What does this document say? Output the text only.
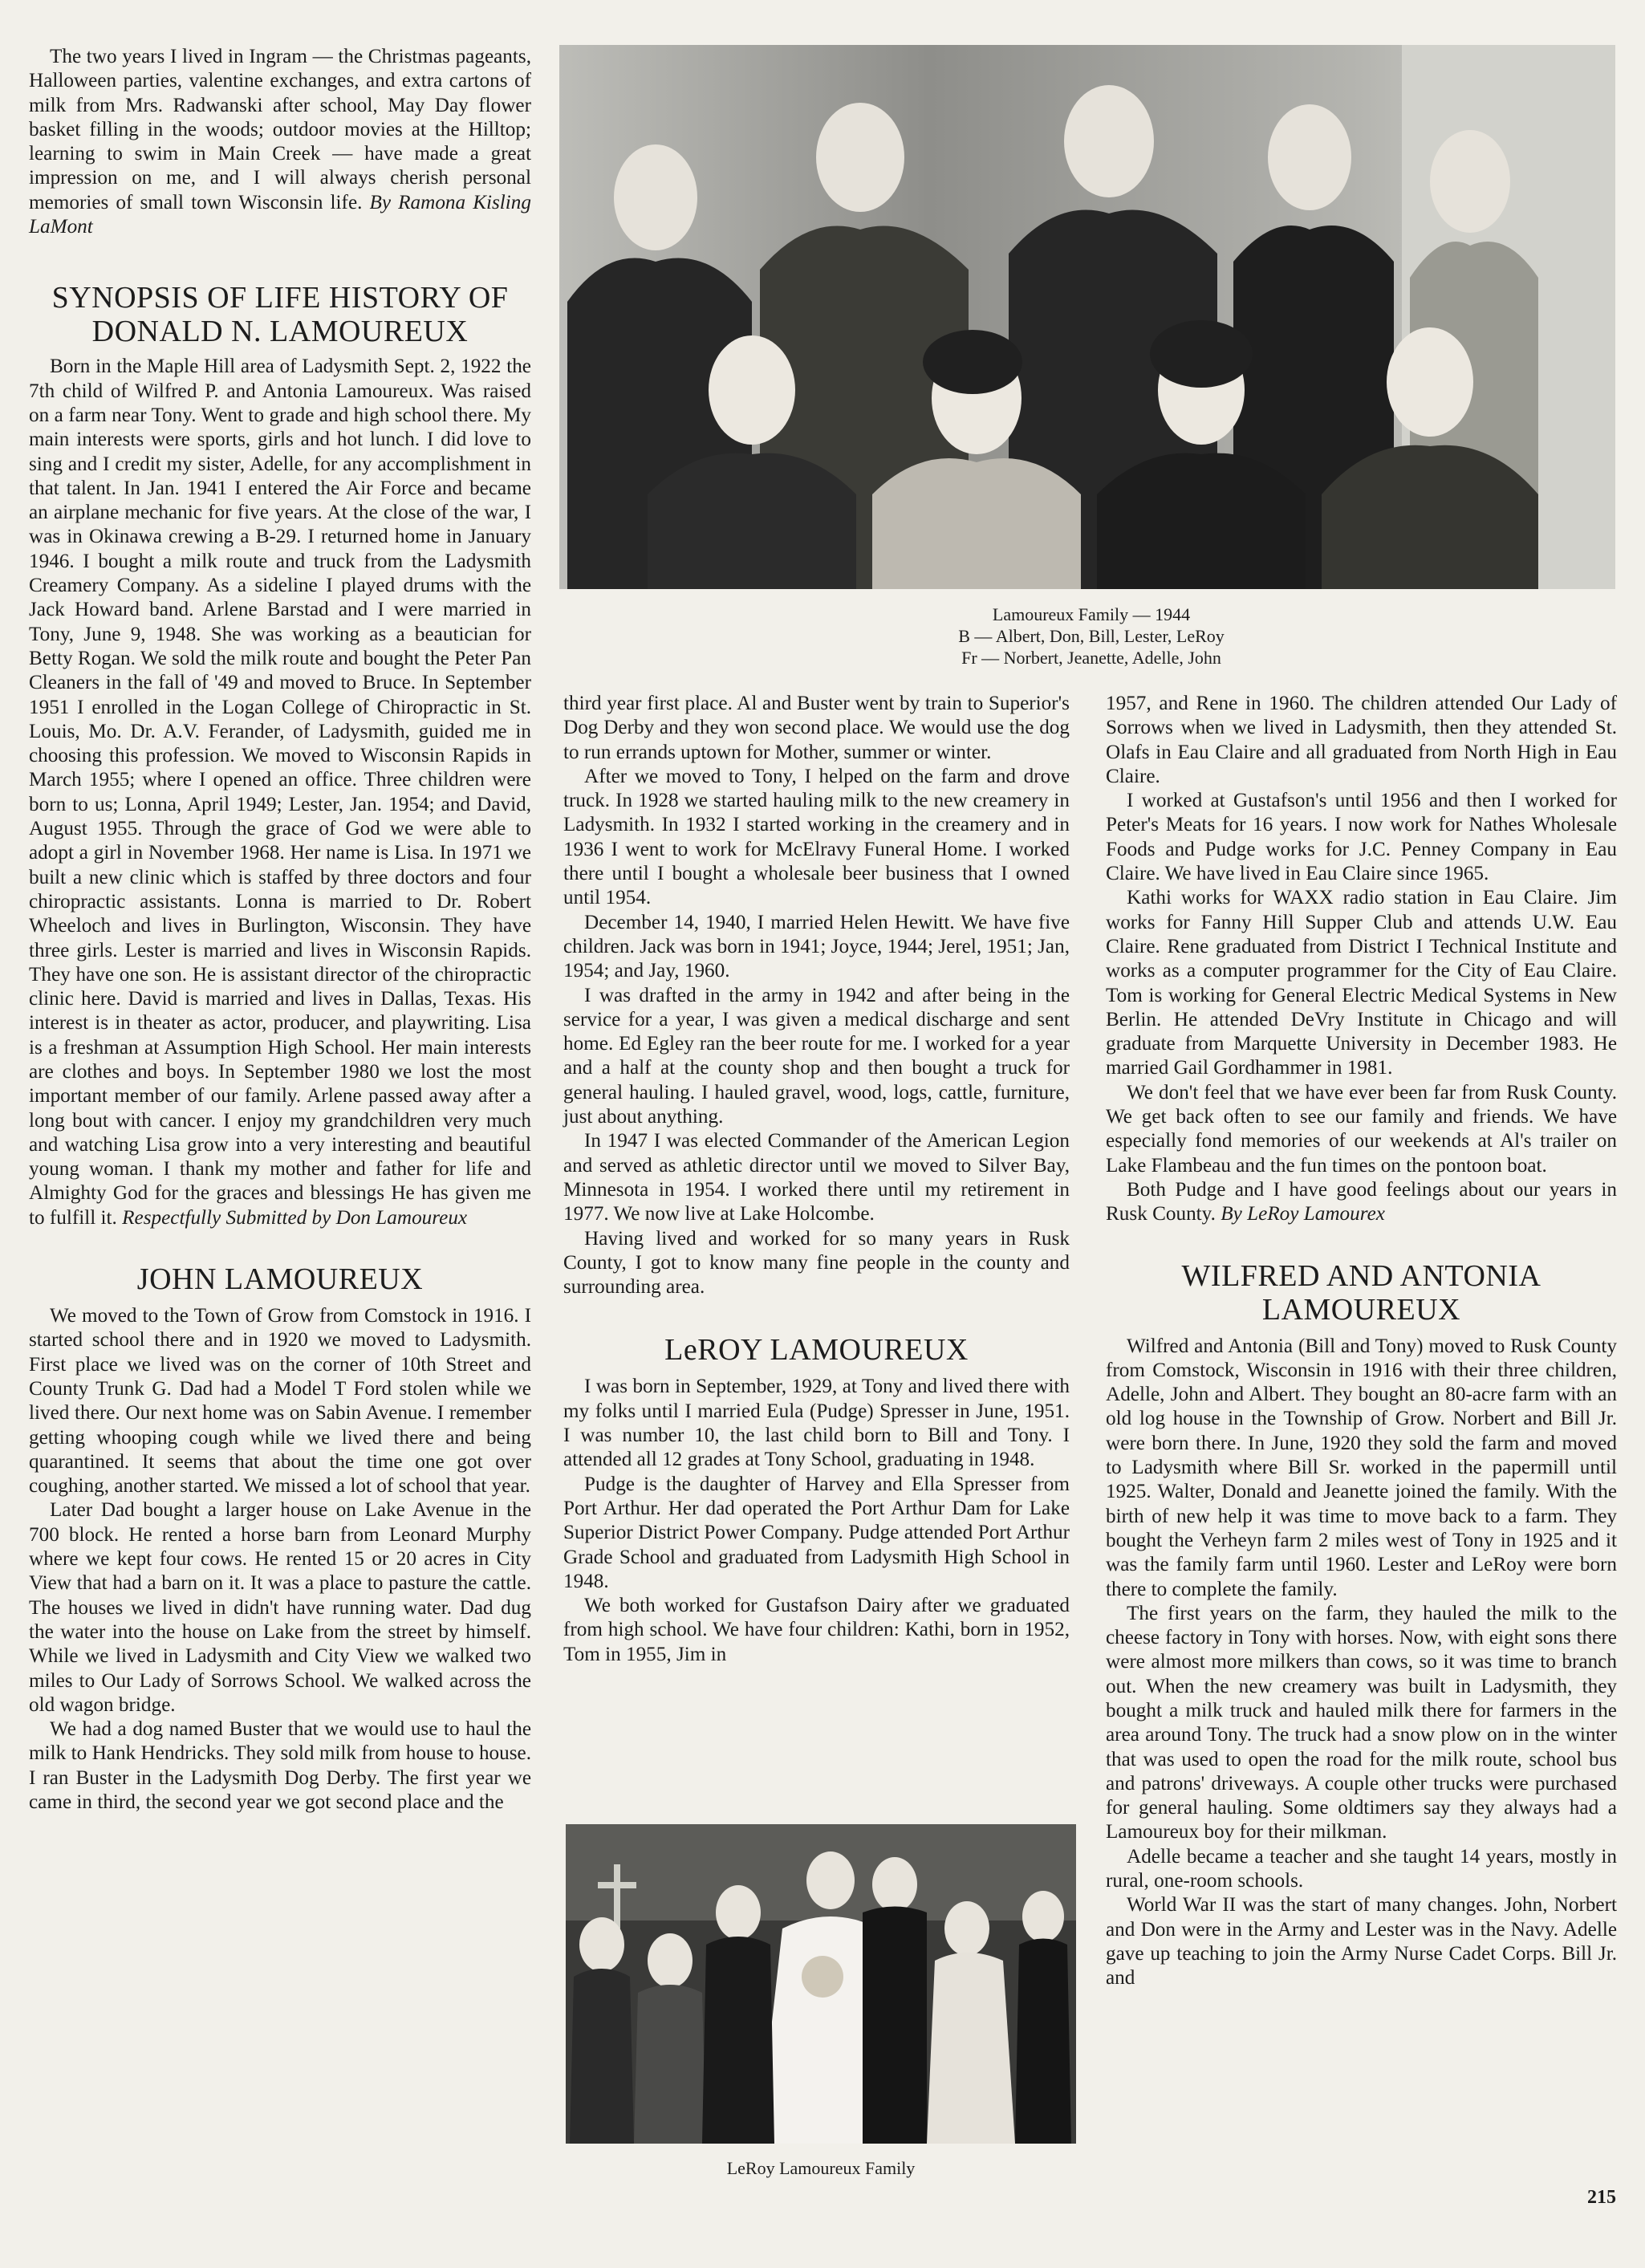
The two years I lived in Ingram — the Christmas pageants, Halloween parties, valentine exchanges, and extra cartons of milk from Mrs. Radwanski after school, May Day flower basket filling in the woods; outdoor movies at the Hilltop; learning to swim in Main Creek — have made a great impression on me, and I will always cherish personal memories of small town Wisconsin life. By Ramona Kisling LaMont

SYNOPSIS OF LIFE HISTORY OF DONALD N. LAMOUREUX

Born in the Maple Hill area of Ladysmith Sept. 2, 1922 the 7th child of Wilfred P. and Antonia Lamoureux. Was raised on a farm near Tony. Went to grade and high school there. My main interests were sports, girls and hot lunch. I did love to sing and I credit my sister, Adelle, for any accomplishment in that talent. In Jan. 1941 I entered the Air Force and became an airplane mechanic for five years. At the close of the war, I was in Okinawa crewing a B-29. I returned home in January 1946. I bought a milk route and truck from the Ladysmith Creamery Company. As a sideline I played drums with the Jack Howard band. Arlene Barstad and I were married in Tony, June 9, 1948. She was working as a beautician for Betty Rogan. We sold the milk route and bought the Peter Pan Cleaners in the fall of '49 and moved to Bruce. In September 1951 I enrolled in the Logan College of Chiropractic in St. Louis, Mo. Dr. A.V. Ferander, of Ladysmith, guided me in choosing this profession. We moved to Wisconsin Rapids in March 1955; where I opened an office. Three children were born to us; Lonna, April 1949; Lester, Jan. 1954; and David, August 1955. Through the grace of God we were able to adopt a girl in November 1968. Her name is Lisa. In 1971 we built a new clinic which is staffed by three doctors and four chiropractic assistants. Lonna is married to Dr. Robert Wheeloch and lives in Burlington, Wisconsin. They have three girls. Lester is married and lives in Wisconsin Rapids. They have one son. He is assistant director of the chiropractic clinic here. David is married and lives in Dallas, Texas. His interest is in theater as actor, producer, and playwriting. Lisa is a freshman at Assumption High School. Her main interests are clothes and boys. In September 1980 we lost the most important member of our family. Arlene passed away after a long bout with cancer. I enjoy my grandchildren very much and watching Lisa grow into a very interesting and beautiful young woman. I thank my mother and father for life and Almighty God for the graces and blessings He has given me to fulfill it. Respectfully Submitted by Don Lamoureux

JOHN LAMOUREUX

We moved to the Town of Grow from Comstock in 1916. I started school there and in 1920 we moved to Ladysmith. First place we lived was on the corner of 10th Street and County Trunk G. Dad had a Model T Ford stolen while we lived there. Our next home was on Sabin Avenue. I remember getting whooping cough while we lived there and being quarantined. It seems that about the time one got over coughing, another started. We missed a lot of school that year.

Later Dad bought a larger house on Lake Avenue in the 700 block. He rented a horse barn from Leonard Murphy where we kept four cows. He rented 15 or 20 acres in City View that had a barn on it. It was a place to pasture the cattle. The houses we lived in didn't have running water. Dad dug the water into the house on Lake from the street by himself. While we lived in Ladysmith and City View we walked two miles to Our Lady of Sorrows School. We walked across the old wagon bridge.

We had a dog named Buster that we would use to haul the milk to Hank Hendricks. They sold milk from house to house. I ran Buster in the Ladysmith Dog Derby. The first year we came in third, the second year we got second place and the

Lamoureux Family — 1944
B — Albert, Don, Bill, Lester, LeRoy
Fr — Norbert, Jeanette, Adelle, John

third year first place. Al and Buster went by train to Superior's Dog Derby and they won second place. We would use the dog to run errands uptown for Mother, summer or winter.

After we moved to Tony, I helped on the farm and drove truck. In 1928 we started hauling milk to the new creamery in Ladysmith. In 1932 I started working in the creamery and in 1936 I went to work for McElravy Funeral Home. I worked there until I bought a wholesale beer business that I owned until 1954.

December 14, 1940, I married Helen Hewitt. We have five children. Jack was born in 1941; Joyce, 1944; Jerel, 1951; Jan, 1954; and Jay, 1960.

I was drafted in the army in 1942 and after being in the service for a year, I was given a medical discharge and sent home. Ed Egley ran the beer route for me. I worked for a year and a half at the county shop and then bought a truck for general hauling. I hauled gravel, wood, logs, cattle, furniture, just about anything.

In 1947 I was elected Commander of the American Legion and served as athletic director until we moved to Silver Bay, Minnesota in 1954. I worked there until my retirement in 1977. We now live at Lake Holcombe.

Having lived and worked for so many years in Rusk County, I got to know many fine people in the county and surrounding area.

LeROY LAMOUREUX

I was born in September, 1929, at Tony and lived there with my folks until I married Eula (Pudge) Spresser in June, 1951. I was number 10, the last child born to Bill and Tony. I attended all 12 grades at Tony School, graduating in 1948.

Pudge is the daughter of Harvey and Ella Spresser from Port Arthur. Her dad operated the Port Arthur Dam for Lake Superior District Power Company. Pudge attended Port Arthur Grade School and graduated from Ladysmith High School in 1948.

We both worked for Gustafson Dairy after we graduated from high school. We have four children: Kathi, born in 1952, Tom in 1955, Jim in

LeRoy Lamoureux Family

1957, and Rene in 1960. The children attended Our Lady of Sorrows when we lived in Ladysmith, then they attended St. Olafs in Eau Claire and all graduated from North High in Eau Claire.

I worked at Gustafson's until 1956 and then I worked for Peter's Meats for 16 years. I now work for Nathes Wholesale Foods and Pudge works for J.C. Penney Company in Eau Claire. We have lived in Eau Claire since 1965.

Kathi works for WAXX radio station in Eau Claire. Jim works for Fanny Hill Supper Club and attends U.W. Eau Claire. Rene graduated from District I Technical Institute and works as a computer programmer for the City of Eau Claire. Tom is working for General Electric Medical Systems in New Berlin. He attended DeVry Institute in Chicago and will graduate from Marquette University in December 1983. He married Gail Gordhammer in 1981.

We don't feel that we have ever been far from Rusk County. We get back often to see our family and friends. We have especially fond memories of our weekends at Al's trailer on Lake Flambeau and the fun times on the pontoon boat.

Both Pudge and I have good feelings about our years in Rusk County. By LeRoy Lamourex

WILFRED AND ANTONIA LAMOUREUX

Wilfred and Antonia (Bill and Tony) moved to Rusk County from Comstock, Wisconsin in 1916 with their three children, Adelle, John and Albert. They bought an 80-acre farm with an old log house in the Township of Grow. Norbert and Bill Jr. were born there. In June, 1920 they sold the farm and moved to Ladysmith where Bill Sr. worked in the papermill until 1925. Walter, Donald and Jeanette joined the family. With the birth of new help it was time to move back to a farm. They bought the Verheyn farm 2 miles west of Tony in 1925 and it was the family farm until 1960. Lester and LeRoy were born there to complete the family.

The first years on the farm, they hauled the milk to the cheese factory in Tony with horses. Now, with eight sons there were almost more milkers than cows, so it was time to branch out. When the new creamery was built in Ladysmith, they bought a milk truck and hauled milk there for farmers in the area around Tony. The truck had a snow plow on in the winter that was used to open the road for the milk route, school bus and patrons' driveways. A couple other trucks were purchased for general hauling. Some oldtimers say they always had a Lamoureux boy for their milkman.

Adelle became a teacher and she taught 14 years, mostly in rural, one-room schools.

World War II was the start of many changes. John, Norbert and Don were in the Army and Lester was in the Navy. Adelle gave up teaching to join the Army Nurse Cadet Corps. Bill Jr. and

215
